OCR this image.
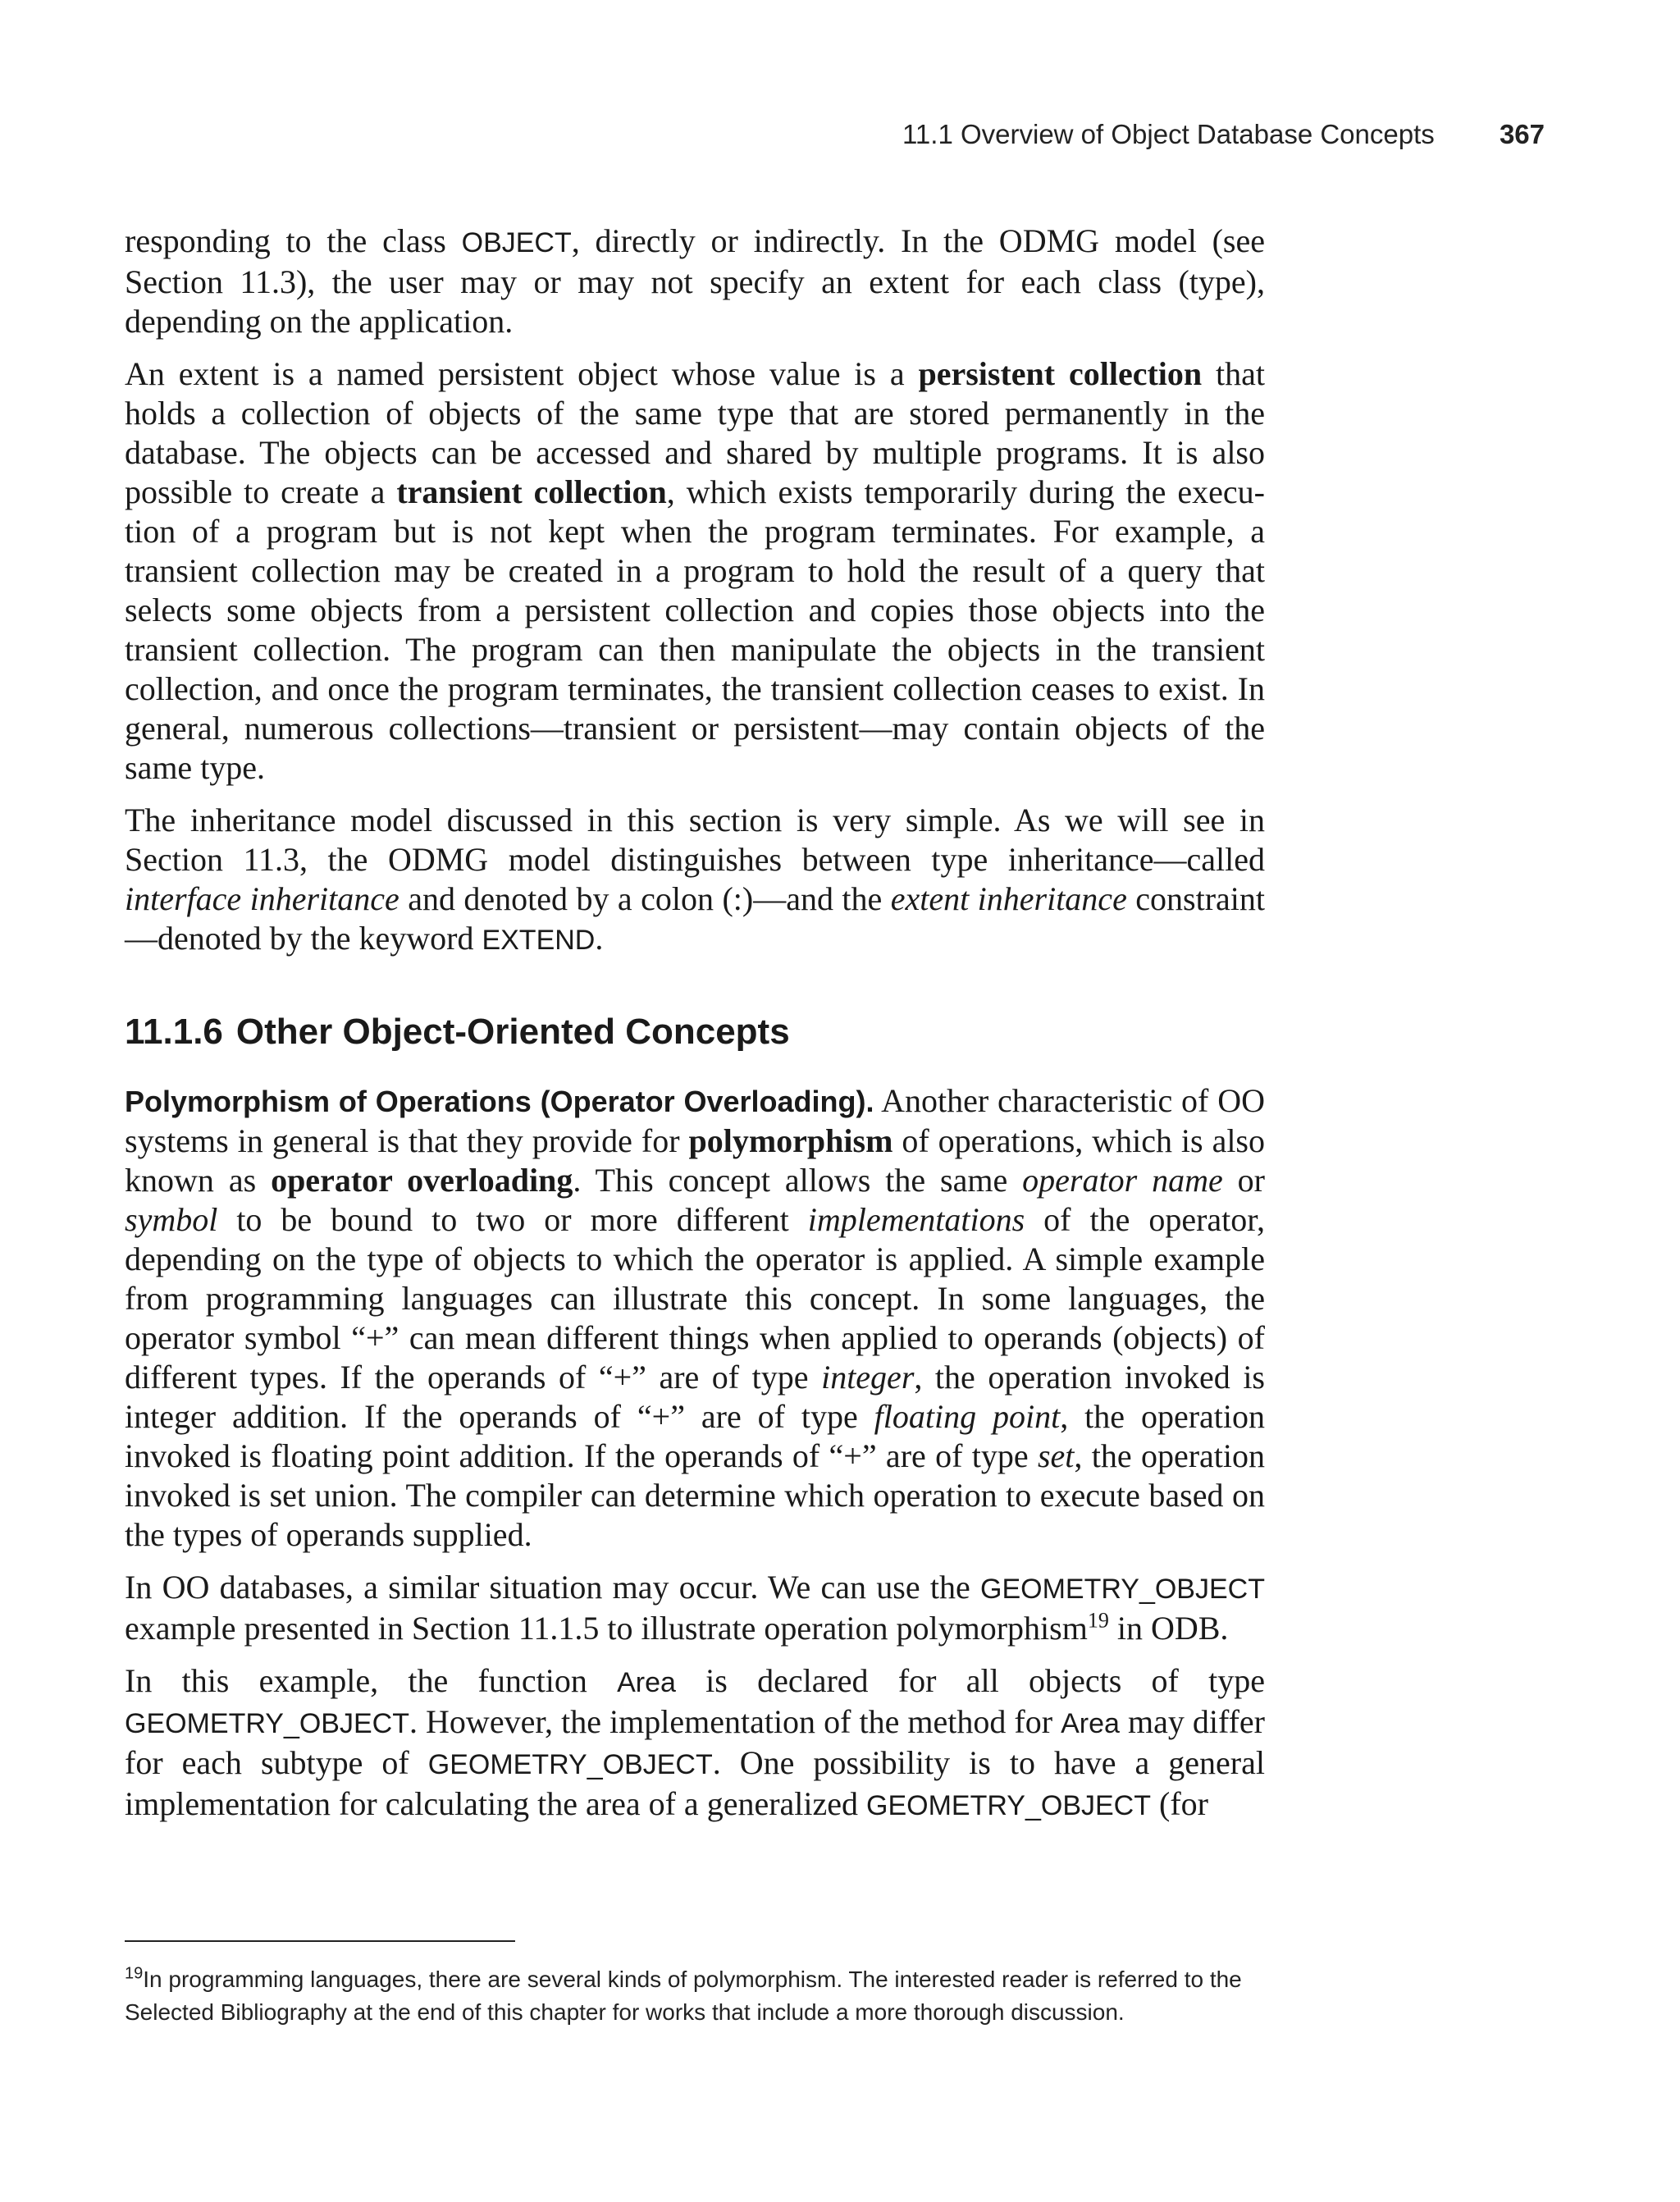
11.1 Overview of Object Database Concepts 367

responding to the class OBJECT, directly or indirectly. In the ODMG model (see Section 11.3), the user may or may not specify an extent for each class (type), depending on the application.

An extent is a named persistent object whose value is a persistent collection that holds a collection of objects of the same type that are stored permanently in the database. The objects can be accessed and shared by multiple programs. It is also possible to create a transient collection, which exists temporarily during the execution of a program but is not kept when the program terminates. For example, a transient collection may be created in a program to hold the result of a query that selects some objects from a persistent collection and copies those objects into the transient collection. The program can then manipulate the objects in the transient collection, and once the program terminates, the transient collection ceases to exist. In general, numerous collections—transient or persistent—may contain objects of the same type.

The inheritance model discussed in this section is very simple. As we will see in Section 11.3, the ODMG model distinguishes between type inheritance—called interface inheritance and denoted by a colon (:)—and the extent inheritance constraint—denoted by the keyword EXTEND.

11.1.6 Other Object-Oriented Concepts

Polymorphism of Operations (Operator Overloading). Another characteristic of OO systems in general is that they provide for polymorphism of operations, which is also known as operator overloading. This concept allows the same operator name or symbol to be bound to two or more different implementations of the operator, depending on the type of objects to which the operator is applied. A simple example from programming languages can illustrate this concept. In some languages, the operator symbol “+” can mean different things when applied to operands (objects) of different types. If the operands of “+” are of type integer, the operation invoked is integer addition. If the operands of “+” are of type floating point, the operation invoked is floating point addition. If the operands of “+” are of type set, the operation invoked is set union. The compiler can determine which operation to execute based on the types of operands supplied.

In OO databases, a similar situation may occur. We can use the GEOMETRY_OBJECT example presented in Section 11.1.5 to illustrate operation polymorphism$^{19}$ in ODB.

In this example, the function Area is declared for all objects of type GEOMETRY_OBJECT. However, the implementation of the method for Area may differ for each subtype of GEOMETRY_OBJECT. One possibility is to have a general implementation for calculating the area of a generalized GEOMETRY_OBJECT (for

$^{19}$In programming languages, there are several kinds of polymorphism. The interested reader is referred to the Selected Bibliography at the end of this chapter for works that include a more thorough discussion.
